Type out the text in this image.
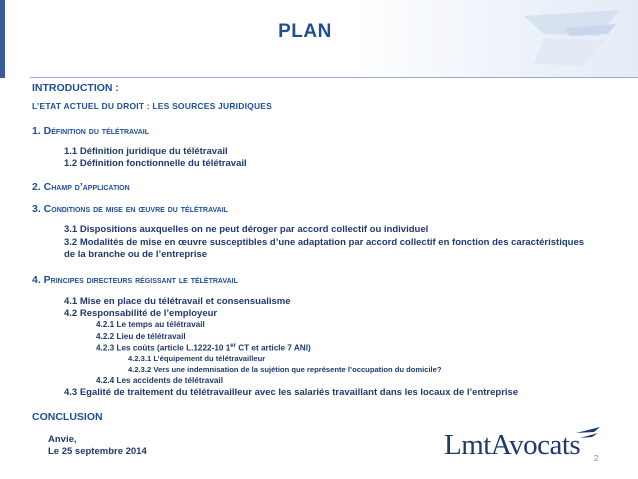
PLAN
INTRODUCTION :
L’ETAT ACTUEL DU DROIT : LES SOURCES JURIDIQUES
1. Définition du télétravail
1.1 Définition juridique du télétravail
1.2 Définition fonctionnelle du télétravail
2. Champ d’application
3. Conditions de mise en œuvre du télétravail
3.1 Dispositions auxquelles on ne peut déroger par accord collectif ou individuel
3.2 Modalités de mise en œuvre susceptibles d’une adaptation par accord collectif en fonction des caractéristiques
de la branche ou de l’entreprise
4. Principes directeurs régissant le télétravail
4.1 Mise en place du télétravail et consensualisme
4.2 Responsabilité de l’employeur
4.2.1 Le temps au télétravail
4.2.2 Lieu de télétravail
4.2.3 Les coûts (article L.1222-10 1er CT et article 7 ANI)
4.2.3.1 L’équipement du télétravailleur
4.2.3.2 Vers une indemnisation de la sujétion que représente l’occupation du domicile?
4.2.4 Les accidents de télétravail
4.3 Egalité de traitement du télétravailleur avec les salariés travaillant dans les locaux de l’entreprise
CONCLUSION
Anvie,
Le 25 septembre 2014	LmtAvocats 2
